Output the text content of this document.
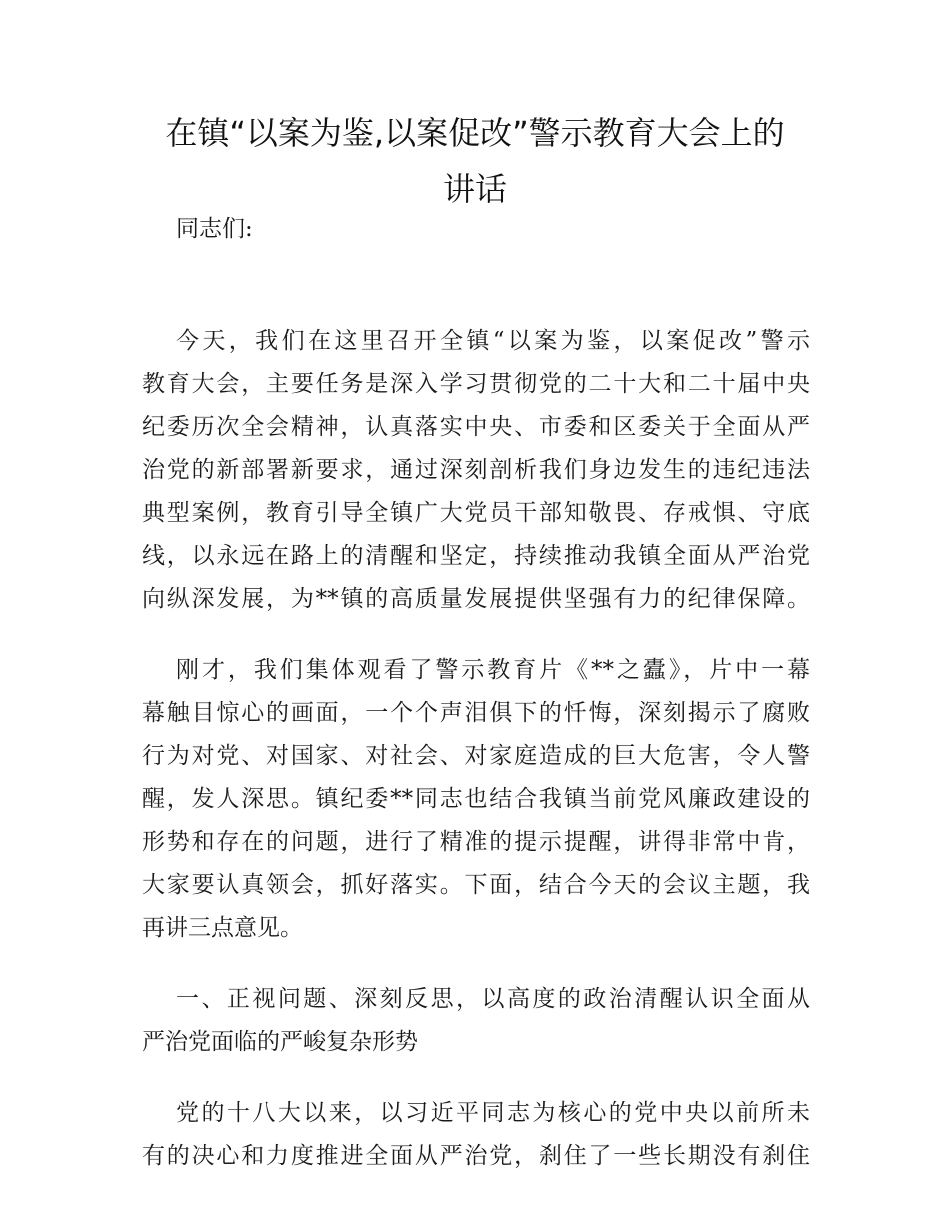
在镇“以案为鉴,以案促改”警示教育大会上的
讲话
同志们:
今天，我们在这里召开全镇“以案为鉴，以案促改”警示
教育大会，主要任务是深入学习贯彻党的二十大和二十届中央
纪委历次全会精神，认真落实中央、市委和区委关于全面从严
治党的新部署新要求，通过深刻剖析我们身边发生的违纪违法
典型案例，教育引导全镇广大党员干部知敬畏、存戒惧、守底
线，以永远在路上的清醒和坚定，持续推动我镇全面从严治党
向纵深发展，为**镇的高质量发展提供坚强有力的纪律保障。
刚才，我们集体观看了警示教育片《**之蠹》，片中一幕
幕触目惊心的画面，一个个声泪俱下的忏悔，深刻揭示了腐败
行为对党、对国家、对社会、对家庭造成的巨大危害，令人警
醒，发人深思。镇纪委**同志也结合我镇当前党风廉政建设的
形势和存在的问题，进行了精准的提示提醒，讲得非常中肯，
大家要认真领会，抓好落实。下面，结合今天的会议主题，我
再讲三点意见。
一、正视问题、深刻反思，以高度的政治清醒认识全面从
严治党面临的严峻复杂形势
党的十八大以来，以习近平同志为核心的党中央以前所未
有的决心和力度推进全面从严治党，刹住了一些长期没有刹住
